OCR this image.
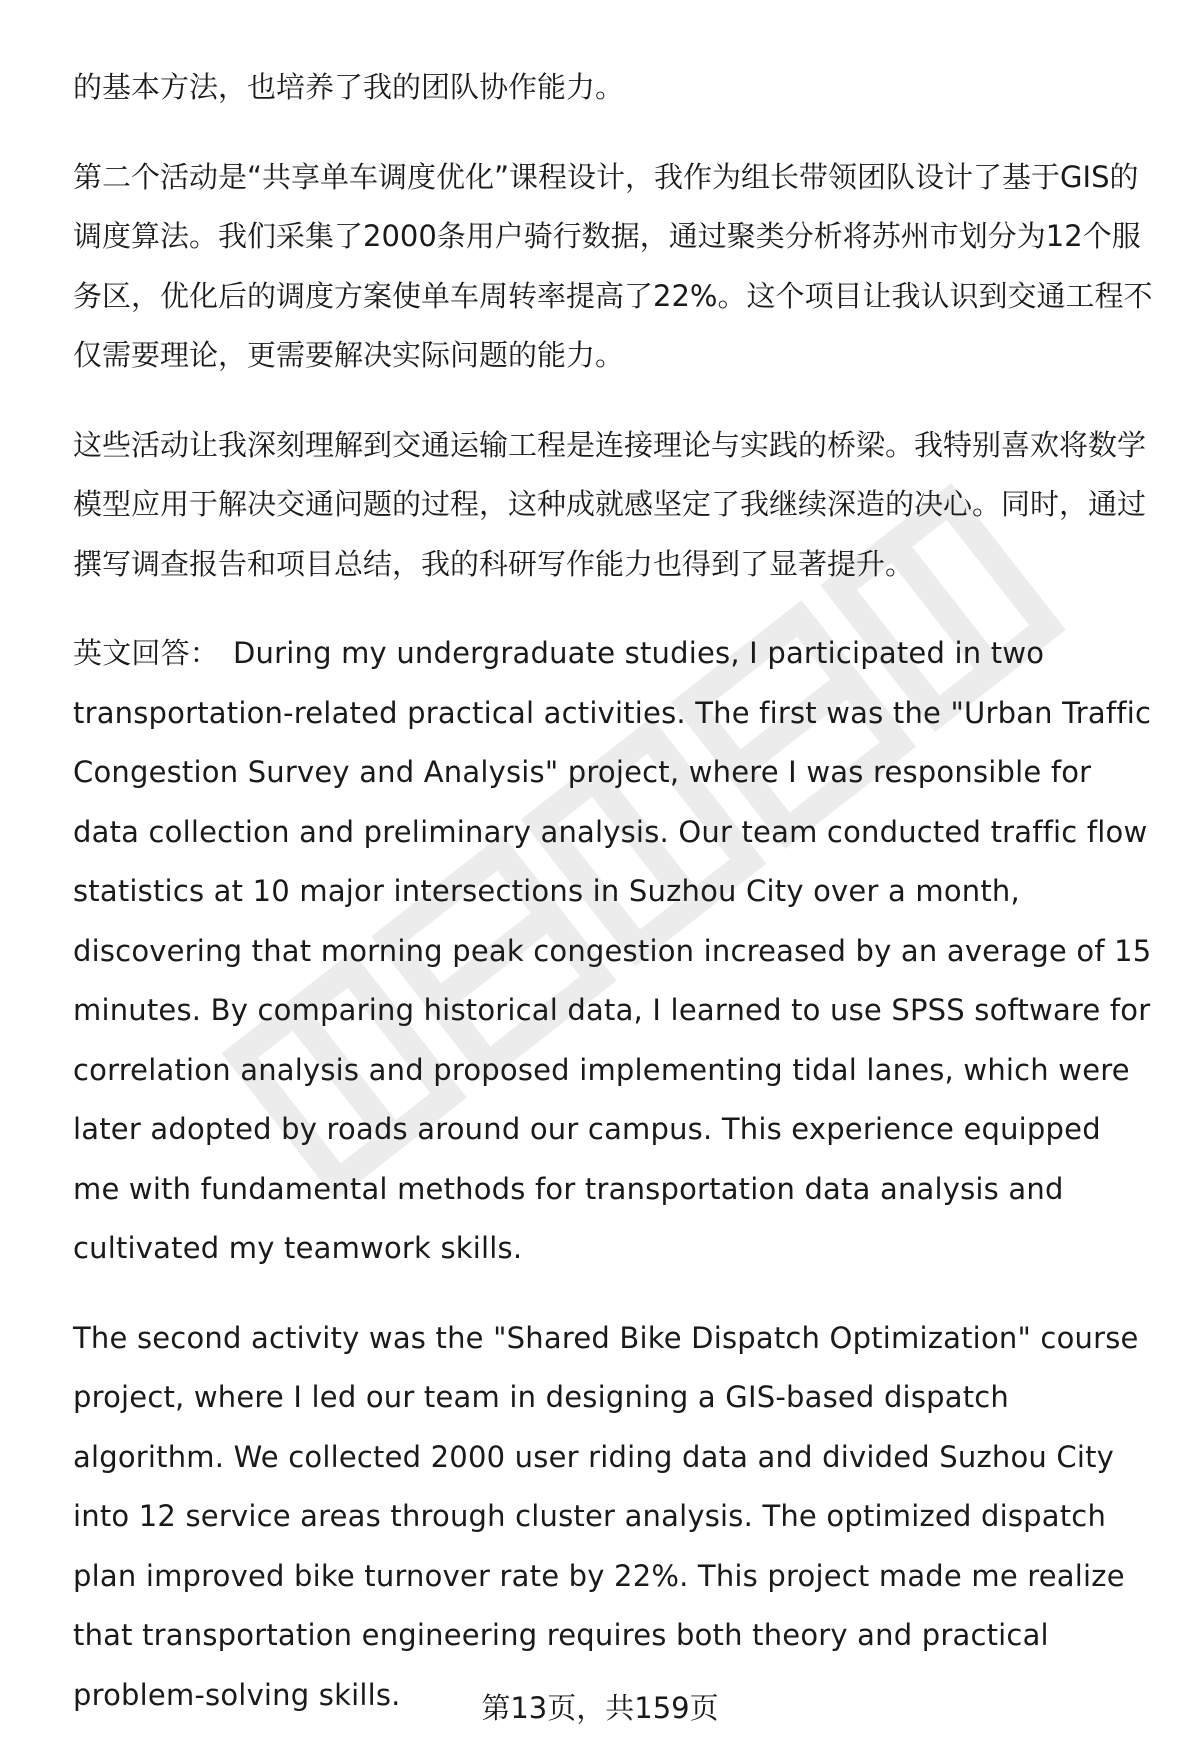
的基本方法，也培养了我的团队协作能力。

第二个活动是“共享单车调度优化”课程设计，我作为组长带领团队设计了基于GIS的调度算法。我们采集了2000条用户骑行数据，通过聚类分析将苏州市划分为12个服务区，优化后的调度方案使单车周转率提高了22%。这个项目让我认识到交通工程不仅需要理论，更需要解决实际问题的能力。

这些活动让我深刻理解到交通运输工程是连接理论与实践的桥梁。我特别喜欢将数学模型应用于解决交通问题的过程，这种成就感坚定了我继续深造的决心。同时，通过撰写调查报告和项目总结，我的科研写作能力也得到了显著提升。

英文回答： During my undergraduate studies, I participated in two transportation-related practical activities. The first was the "Urban Traffic Congestion Survey and Analysis" project, where I was responsible for data collection and preliminary analysis. Our team conducted traffic flow statistics at 10 major intersections in Suzhou City over a month, discovering that morning peak congestion increased by an average of 15 minutes. By comparing historical data, I learned to use SPSS software for correlation analysis and proposed implementing tidal lanes, which were later adopted by roads around our campus. This experience equipped me with fundamental methods for transportation data analysis and cultivated my teamwork skills.

The second activity was the "Shared Bike Dispatch Optimization" course project, where I led our team in designing a GIS-based dispatch algorithm. We collected 2000 user riding data and divided Suzhou City into 12 service areas through cluster analysis. The optimized dispatch plan improved bike turnover rate by 22%. This project made me realize that transportation engineering requires both theory and practical problem-solving skills.	第13页，共159页
